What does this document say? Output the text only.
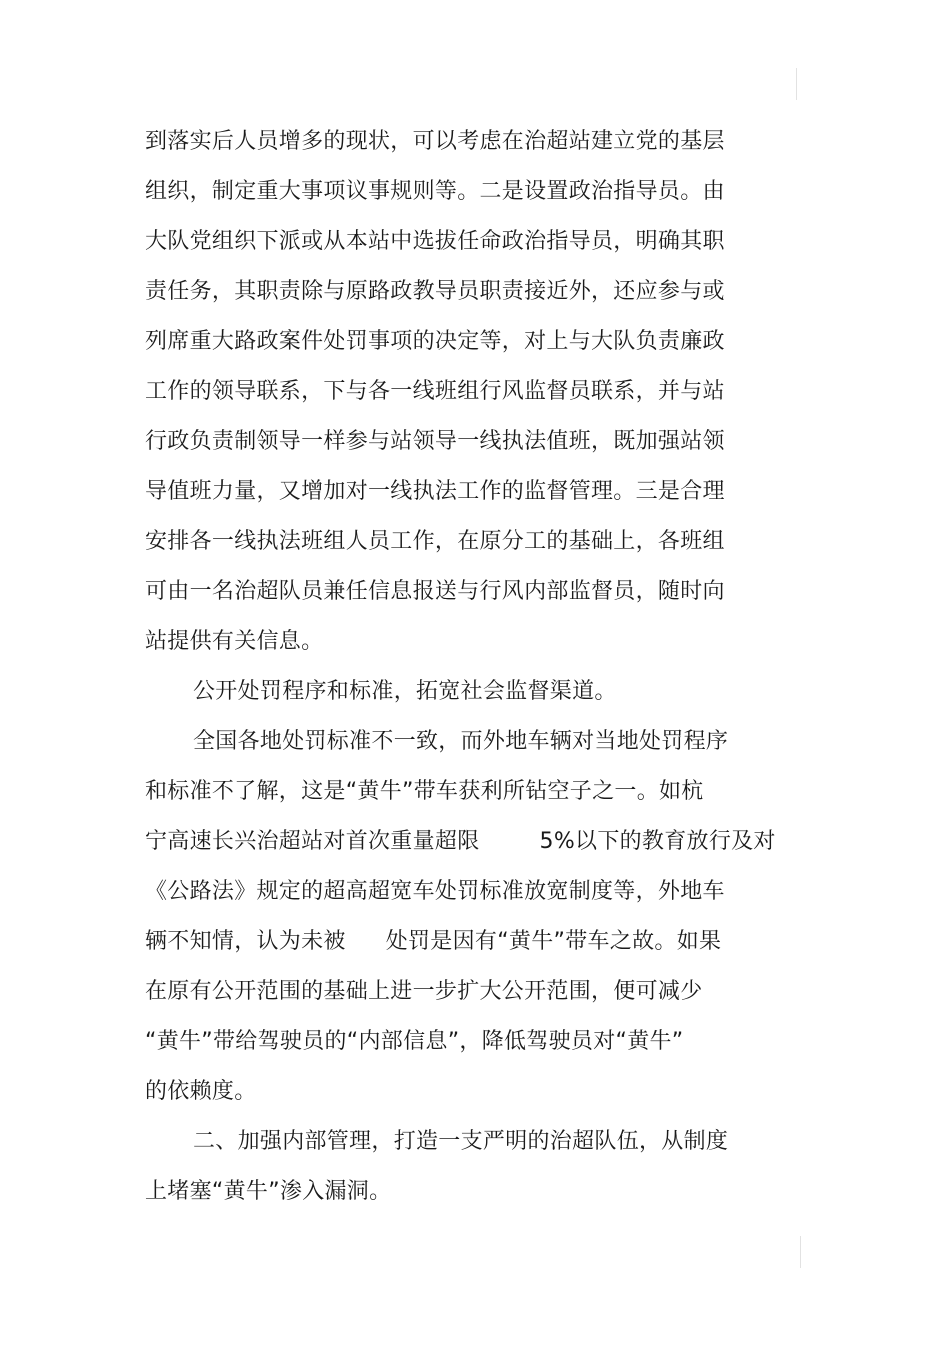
到落实后人员增多的现状，可以考虑在治超站建立党的基层
组织，制定重大事项议事规则等。二是设置政治指导员。由
大队党组织下派或从本站中选拔任命政治指导员，明确其职
责任务，其职责除与原路政教导员职责接近外，还应参与或
列席重大路政案件处罚事项的决定等，对上与大队负责廉政
工作的领导联系，下与各一线班组行风监督员联系，并与站
行政负责制领导一样参与站领导一线执法值班，既加强站领
导值班力量，又增加对一线执法工作的监督管理。三是合理
安排各一线执法班组人员工作，在原分工的基础上，各班组
可由一名治超队员兼任信息报送与行风内部监督员，随时向
站提供有关信息。
公开处罚程序和标准，拓宽社会监督渠道。
全国各地处罚标准不一致，而外地车辆对当地处罚程序
和标准不了解，这是“黄牛”带车获利所钻空子之一。如杭
宁高速长兴治超站对首次重量超限	5%以下的教育放行及对
《公路法》规定的超高超宽车处罚标准放宽制度等，外地车
辆不知情，认为未被 处罚是因有“黄牛”带车之故。如果
在原有公开范围的基础上进一步扩大公开范围，便可减少
“黄牛”带给驾驶员的“内部信息”，降低驾驶员对“黄牛”
的依赖度。
二、加强内部管理，打造一支严明的治超队伍，从制度
上堵塞“黄牛”渗入漏洞。
